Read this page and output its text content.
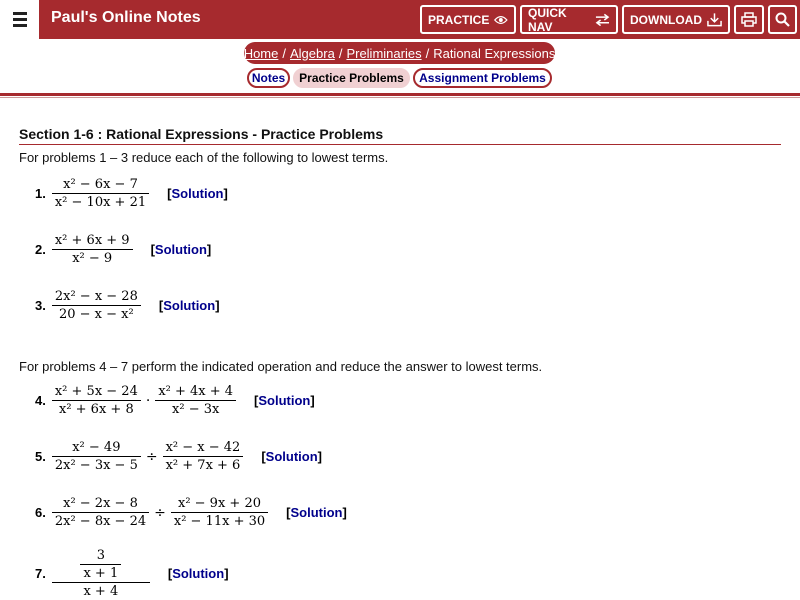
Paul's Online Notes	PRACTICE	QUICK NAV	DOWNLOAD
Home / Algebra / Preliminaries / Rational Expressions
Notes	Practice Problems	Assignment Problems
Section 1-6 : Rational Expressions - Practice Problems
For problems 1 – 3 reduce each of the following to lowest terms.
For problems 4 – 7 perform the indicated operation and reduce the answer to lowest terms.
1. $\frac{\text{x² − 6x − 7}}{\text{x² − 10x + 21}}$ [Solution]
2. $\frac{\text{x² + 6x + 9}}{\text{x² − 9}}$ [Solution]
3. $\frac{\text{2x² − x − 28}}{\text{20 − x − x²}}$ [Solution]
4. $\frac{\text{x² + 5x − 24}}{\text{x² + 6x + 8}} \cdot \frac{\text{x² + 4x + 4}}{\text{x² − 3x}}$ [Solution]
5. $\frac{\text{x² − 49}}{\text{2x² − 3x − 5}} \div \frac{\text{x² − x − 42}}{\text{x² + 7x + 6}}$ [Solution]
6. $\frac{\text{x² − 2x − 8}}{\text{2x² − 8x − 24}} \div \frac{\text{x² − 9x + 20}}{\text{x² − 11x + 30}}$ [Solution]
7. $\frac{\frac{3}{x + 1}}{x + 4}$ [Solution]
